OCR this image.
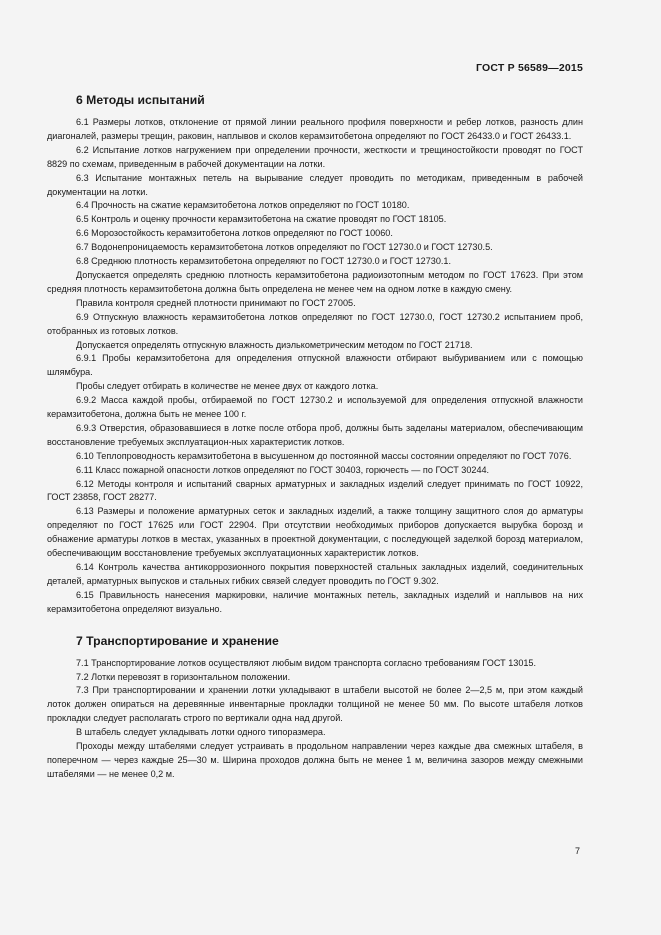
ГОСТ Р 56589—2015
6 Методы испытаний

6.1 Размеры лотков, отклонение от прямой линии реального профиля поверхности и ребер лотков, разность длин диагоналей, размеры трещин, раковин, наплывов и сколов керамзитобетона определяют по ГОСТ 26433.0 и ГОСТ 26433.1.

6.2 Испытание лотков нагружением при определении прочности, жесткости и трещиностойкости проводят по ГОСТ 8829 по схемам, приведенным в рабочей документации на лотки.

6.3 Испытание монтажных петель на вырывание следует проводить по методикам, приведенным в рабочей документации на лотки.

6.4 Прочность на сжатие керамзитобетона лотков определяют по ГОСТ 10180.

6.5 Контроль и оценку прочности керамзитобетона на сжатие проводят по ГОСТ 18105.

6.6 Морозостойкость керамзитобетона лотков определяют по ГОСТ 10060.

6.7 Водонепроницаемость керамзитобетона лотков определяют по ГОСТ 12730.0 и ГОСТ 12730.5.

6.8 Среднюю плотность керамзитобетона определяют по ГОСТ 12730.0 и ГОСТ 12730.1.

Допускается определять среднюю плотность керамзитобетона радиоизотопным методом по ГОСТ 17623. При этом средняя плотность керамзитобетона должна быть определена не менее чем на одном лотке в каждую смену.

Правила контроля средней плотности принимают по ГОСТ 27005.

6.9 Отпускную влажность керамзитобетона лотков определяют по ГОСТ 12730.0, ГОСТ 12730.2 испытанием проб, отобранных из готовых лотков.

Допускается определять отпускную влажность диэлькометрическим методом по ГОСТ 21718.

6.9.1 Пробы керамзитобетона для определения отпускной влажности отбирают выбуриванием или с помощью шлямбура.

Пробы следует отбирать в количестве не менее двух от каждого лотка.

6.9.2 Масса каждой пробы, отбираемой по ГОСТ 12730.2 и используемой для определения отпускной влажности керамзитобетона, должна быть не менее 100 г.

6.9.3 Отверстия, образовавшиеся в лотке после отбора проб, должны быть заделаны материалом, обеспечивающим восстановление требуемых эксплуатацион-ных характеристик лотков.

6.10 Теплопроводность керамзитобетона в высушенном до постоянной массы состоянии определяют по ГОСТ 7076.

6.11 Класс пожарной опасности лотков определяют по ГОСТ 30403, горючесть — по ГОСТ 30244.

6.12 Методы контроля и испытаний сварных арматурных и закладных изделий следует принимать по ГОСТ 10922, ГОСТ 23858, ГОСТ 28277.

6.13 Размеры и положение арматурных сеток и закладных изделий, а также толщину защитного слоя до арматуры определяют по ГОСТ 17625 или ГОСТ 22904. При отсутствии необходимых приборов допускается вырубка борозд и обнажение арматуры лотков в местах, указанных в проектной документации, с последующей заделкой борозд материалом, обеспечивающим восстановление требуемых эксплуатационных характеристик лотков.

6.14 Контроль качества антикоррозионного покрытия поверхностей стальных закладных изделий, соединительных деталей, арматурных выпусков и стальных гибких связей следует проводить по ГОСТ 9.302.

6.15 Правильность нанесения маркировки, наличие монтажных петель, закладных изделий и наплывов на них керамзитобетона определяют визуально.

7 Транспортирование и хранение

7.1 Транспортирование лотков осуществляют любым видом транспорта согласно требованиям ГОСТ 13015.

7.2 Лотки перевозят в горизонтальном положении.

7.3 При транспортировании и хранении лотки укладывают в штабели высотой не более 2—2,5 м, при этом каждый лоток должен опираться на деревянные инвентарные прокладки толщиной не менее 50 мм. По высоте штабеля лотков прокладки следует располагать строго по вертикали одна над другой.

В штабель следует укладывать лотки одного типоразмера.

Проходы между штабелями следует устраивать в продольном направлении через каждые два смежных штабеля, в поперечном — через каждые 25—30 м. Ширина проходов должна быть не менее 1 м, величина зазоров между смежными штабелями — не менее 0,2 м.

7
